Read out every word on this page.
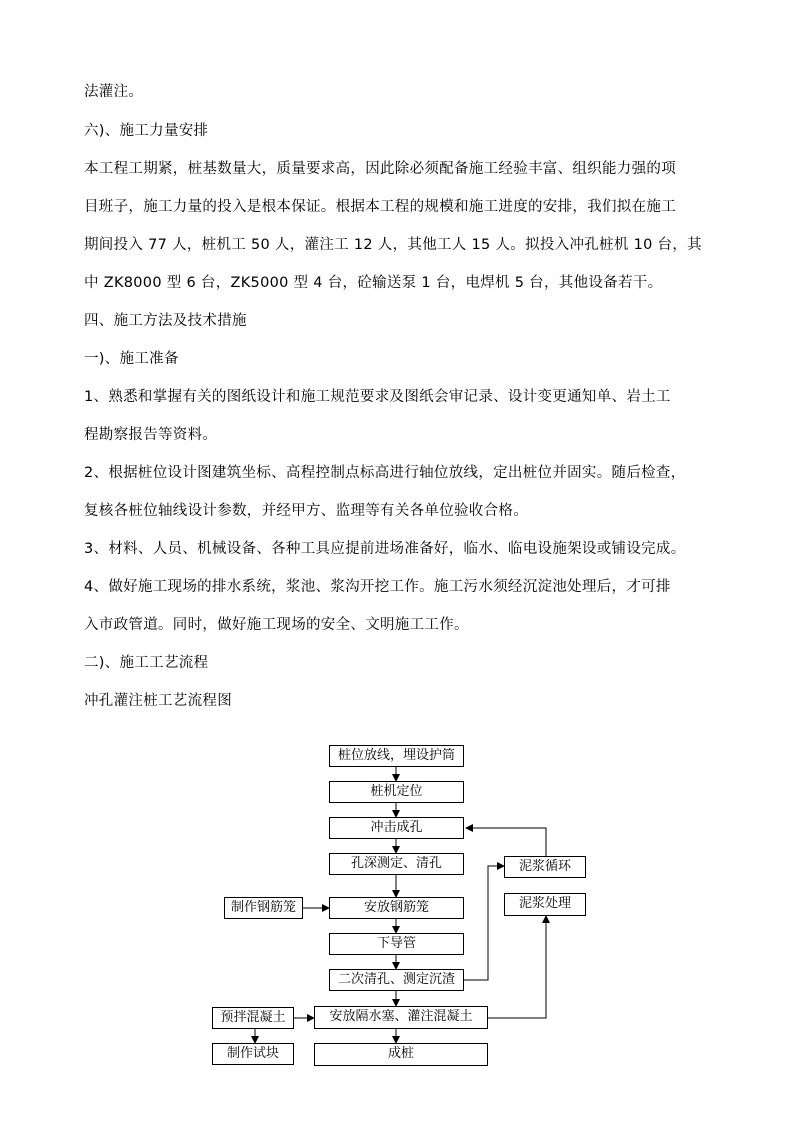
法灌注。
六)、施工力量安排
本工程工期紧，桩基数量大，质量要求高，因此除必须配备施工经验丰富、组织能力强的项
目班子，施工力量的投入是根本保证。根据本工程的规模和施工进度的安排，我们拟在施工
期间投入 77 人，桩机工 50 人，灌注工 12 人，其他工人 15 人。拟投入冲孔桩机 10 台，其
中 ZK8000 型 6 台，ZK5000 型 4 台，砼输送泵 1 台，电焊机 5 台，其他设备若干。
四、施工方法及技术措施
一)、施工准备
1、熟悉和掌握有关的图纸设计和施工规范要求及图纸会审记录、设计变更通知单、岩土工
程勘察报告等资料。
2、根据桩位设计图建筑坐标、高程控制点标高进行轴位放线，定出桩位并固实。随后检查，
复核各桩位轴线设计参数，并经甲方、监理等有关各单位验收合格。
3、材料、人员、机械设备、各种工具应提前进场准备好，临水、临电设施架设或铺设完成。
4、做好施工现场的排水系统，浆池、浆沟开挖工作。施工污水须经沉淀池处理后，才可排
入市政管道。同时，做好施工现场的安全、文明施工工作。
二)、施工工艺流程
冲孔灌注桩工艺流程图
桩位放线，埋设护筒
桩机定位
冲击成孔
孔深测定、清孔
安放钢筋笼
下导管
二次清孔、测定沉渣
安放隔水塞、灌注混凝土
成桩
制作钢筋笼
预拌混凝土
制作试块
泥浆循环
泥浆处理
